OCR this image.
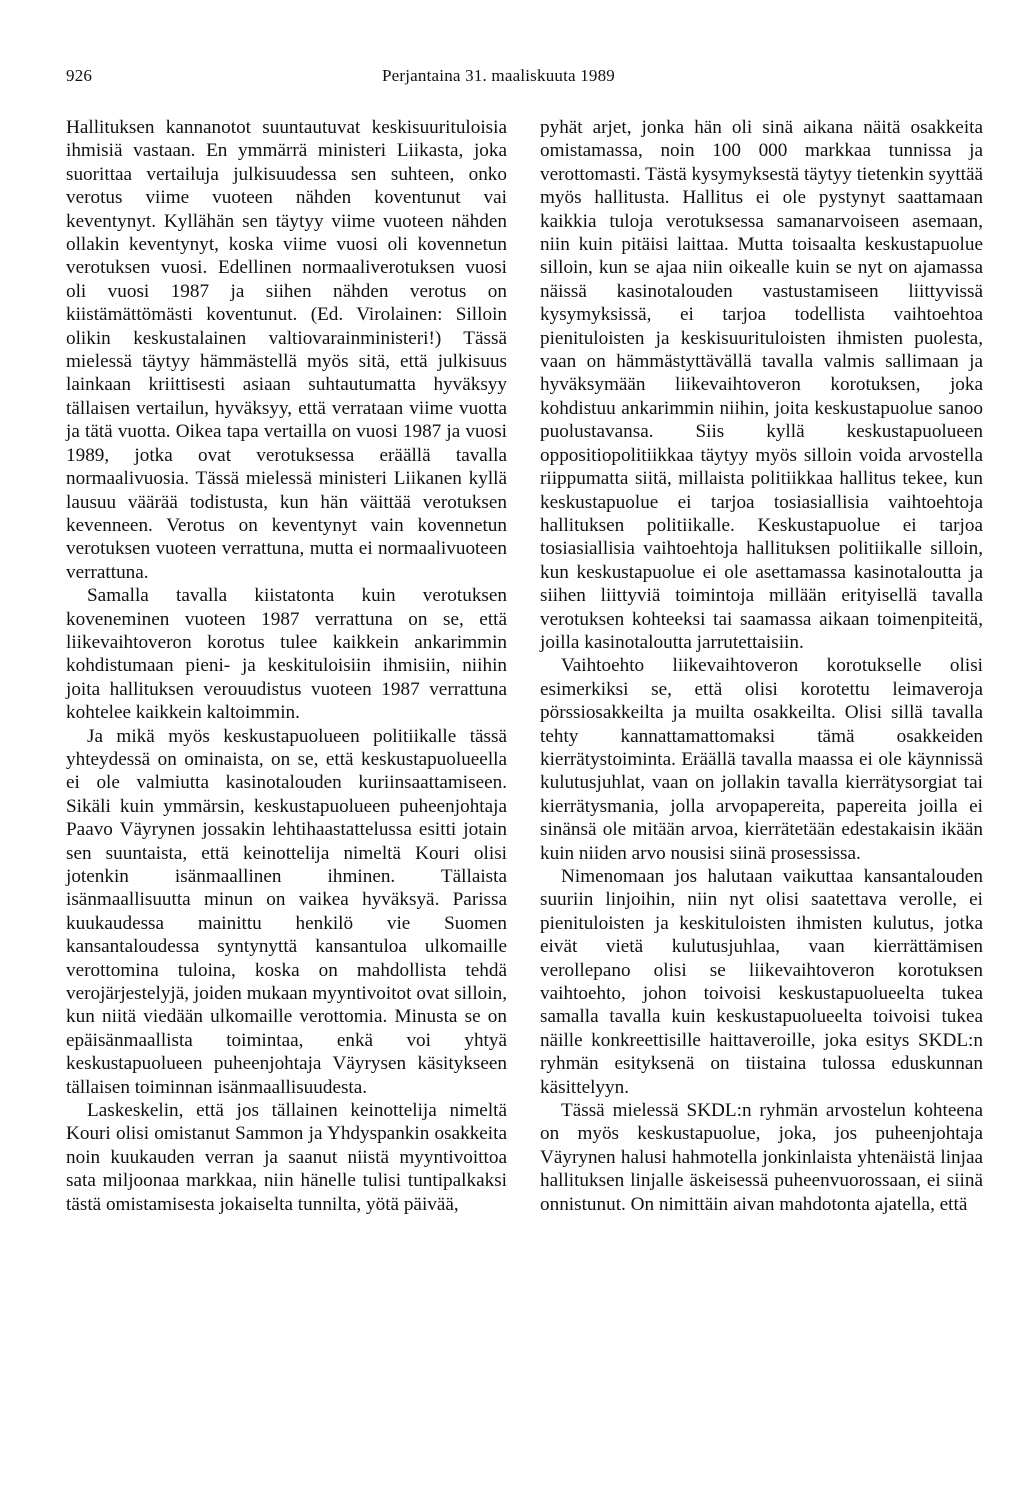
926	Perjantaina 31. maaliskuuta 1989

Hallituksen kannanotot suuntautuvat keskisuurituloisia ihmisiä vastaan. En ymmärrä ministeri Liikasta, joka suorittaa vertailuja julkisuudessa sen suhteen, onko verotus viime vuoteen nähden koventunut vai keventynyt. Kyllähän sen täytyy viime vuoteen nähden ollakin keventynyt, koska viime vuosi oli kovennetun verotuksen vuosi. Edellinen normaaliverotuksen vuosi oli vuosi 1987 ja siihen nähden verotus on kiistämättömästi koventunut. (Ed. Virolainen: Silloin olikin keskustalainen valtiovarainministeri!) Tässä mielessä täytyy hämmästellä myös sitä, että julkisuus lainkaan kriittisesti asiaan suhtautumatta hyväksyy tällaisen vertailun, hyväksyy, että verrataan viime vuotta ja tätä vuotta. Oikea tapa vertailla on vuosi 1987 ja vuosi 1989, jotka ovat verotuksessa eräällä tavalla normaalivuosia. Tässä mielessä ministeri Liikanen kyllä lausuu väärää todistusta, kun hän väittää verotuksen kevenneen. Verotus on keventynyt vain kovennetun verotuksen vuoteen verrattuna, mutta ei normaalivuoteen verrattuna.

Samalla tavalla kiistatonta kuin verotuksen koveneminen vuoteen 1987 verrattuna on se, että liikevaihtoveron korotus tulee kaikkein ankarimmin kohdistumaan pieni- ja keskituloisiin ihmisiin, niihin joita hallituksen verouudistus vuoteen 1987 verrattuna kohtelee kaikkein kaltoimmin.

Ja mikä myös keskustapuolueen politiikalle tässä yhteydessä on ominaista, on se, että keskustapuolueella ei ole valmiutta kasinotalouden kuriinsaattamiseen. Sikäli kuin ymmärsin, keskustapuolueen puheenjohtaja Paavo Väyrynen jossakin lehtihaastattelussa esitti jotain sen suuntaista, että keinottelija nimeltä Kouri olisi jotenkin isänmaallinen ihminen. Tällaista isänmaallisuutta minun on vaikea hyväksyä. Parissa kuukaudessa mainittu henkilö vie Suomen kansantaloudessa syntynyttä kansantuloa ulkomaille verottomina tuloina, koska on mahdollista tehdä verojärjestelyjä, joiden mukaan myyntivoitot ovat silloin, kun niitä viedään ulkomaille verottomia. Minusta se on epäisänmaallista toimintaa, enkä voi yhtyä keskustapuolueen puheenjohtaja Väyrysen käsitykseen tällaisen toiminnan isänmaallisuudesta.

Laskeskelin, että jos tällainen keinottelija nimeltä Kouri olisi omistanut Sammon ja Yhdyspankin osakkeita noin kuukauden verran ja saanut niistä myyntivoittoa sata miljoonaa markkaa, niin hänelle tulisi tuntipalkaksi tästä omistamisesta jokaiselta tunnilta, yötä päivää,

pyhät arjet, jonka hän oli sinä aikana näitä osakkeita omistamassa, noin 100 000 markkaa tunnissa ja verottomasti. Tästä kysymyksestä täytyy tietenkin syyttää myös hallitusta. Hallitus ei ole pystynyt saattamaan kaikkia tuloja verotuksessa samanarvoiseen asemaan, niin kuin pitäisi laittaa. Mutta toisaalta keskustapuolue silloin, kun se ajaa niin oikealle kuin se nyt on ajamassa näissä kasinotalouden vastustamiseen liittyvissä kysymyksissä, ei tarjoa todellista vaihtoehtoa pienituloisten ja keskisuurituloisten ihmisten puolesta, vaan on hämmästyttävällä tavalla valmis sallimaan ja hyväksymään liikevaihtoveron korotuksen, joka kohdistuu ankarimmin niihin, joita keskustapuolue sanoo puolustavansa. Siis kyllä keskustapuolueen oppositiopolitiikkaa täytyy myös silloin voida arvostella riippumatta siitä, millaista politiikkaa hallitus tekee, kun keskustapuolue ei tarjoa tosiasiallisia vaihtoehtoja hallituksen politiikalle. Keskustapuolue ei tarjoa tosiasiallisia vaihtoehtoja hallituksen politiikalle silloin, kun keskustapuolue ei ole asettamassa kasinotaloutta ja siihen liittyviä toimintoja millään erityisellä tavalla verotuksen kohteeksi tai saamassa aikaan toimenpiteitä, joilla kasinotaloutta jarrutettaisiin.

Vaihtoehto liikevaihtoveron korotukselle olisi esimerkiksi se, että olisi korotettu leimaveroja pörssiosakkeilta ja muilta osakkeilta. Olisi sillä tavalla tehty kannattamattomaksi tämä osakkeiden kierrätystoiminta. Eräällä tavalla maassa ei ole käynnissä kulutusjuhlat, vaan on jollakin tavalla kierrätysorgiat tai kierrätysmania, jolla arvopapereita, papereita joilla ei sinänsä ole mitään arvoa, kierrätetään edestakaisin ikään kuin niiden arvo nousisi siinä prosessissa.

Nimenomaan jos halutaan vaikuttaa kansantalouden suuriin linjoihin, niin nyt olisi saatettava verolle, ei pienituloisten ja keskituloisten ihmisten kulutus, jotka eivät vietä kulutusjuhlaa, vaan kierrättämisen verollepano olisi se liikevaihtoveron korotuksen vaihtoehto, johon toivoisi keskustapuolueelta tukea samalla tavalla kuin keskustapuolueelta toivoisi tukea näille konkreettisille haittaveroille, joka esitys SKDL:n ryhmän esityksenä on tiistaina tulossa eduskunnan käsittelyyn.

Tässä mielessä SKDL:n ryhmän arvostelun kohteena on myös keskustapuolue, joka, jos puheenjohtaja Väyrynen halusi hahmotella jonkinlaista yhtenäistä linjaa hallituksen linjalle äskeisessä puheenvuorossaan, ei siinä onnistunut. On nimittäin aivan mahdotonta ajatella, että
